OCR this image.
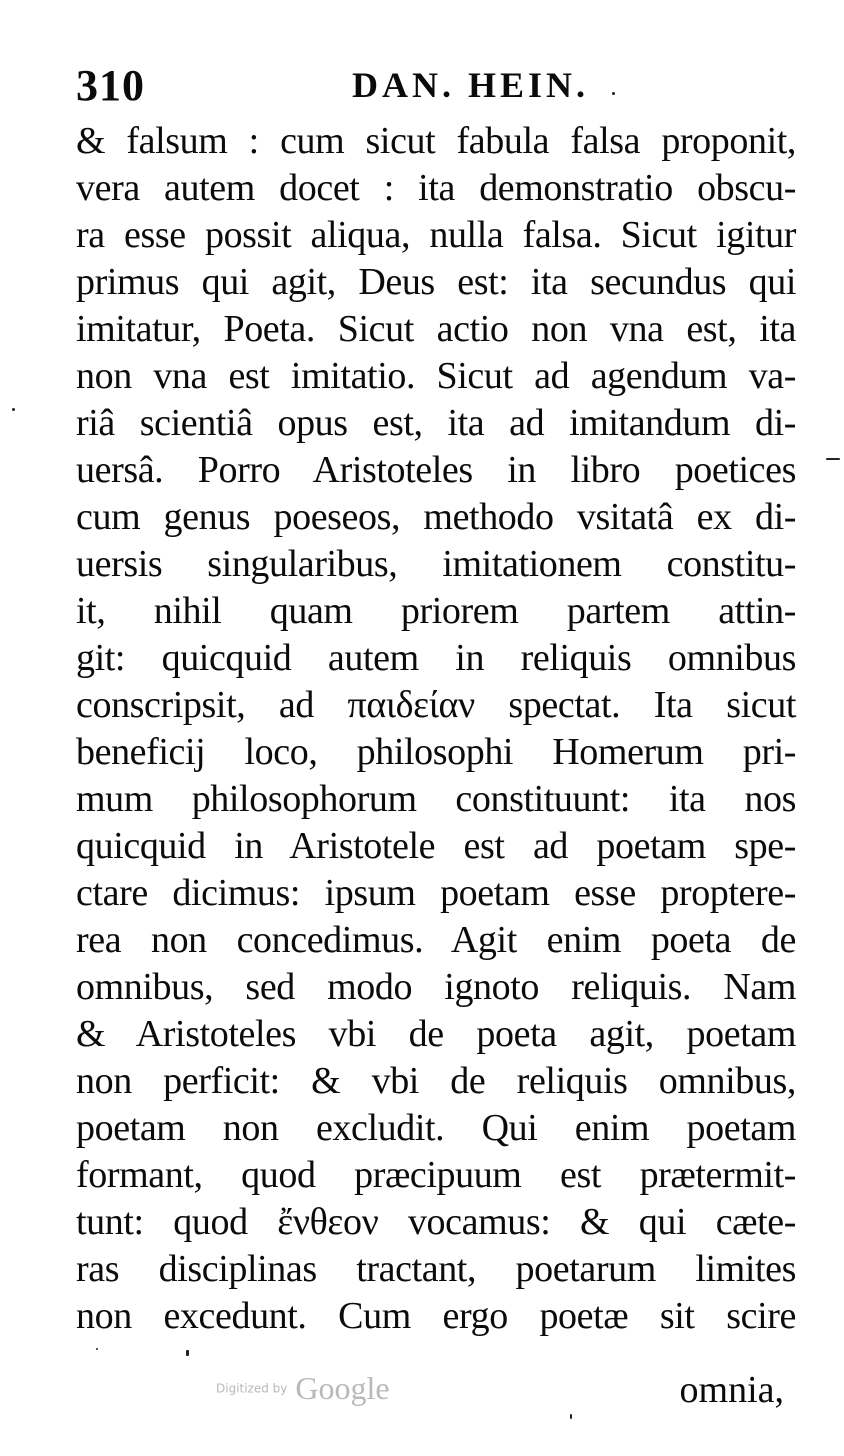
310	DAN. HEIN.
& falsum : cum sicut fabula falsa proponit,
vera autem docet : ita demonstratio obscu-
ra esse possit aliqua, nulla falsa. Sicut igitur
primus qui agit, Deus est: ita secundus qui
imitatur, Poeta. Sicut actio non vna est, ita
non vna est imitatio. Sicut ad agendum va-
riâ scientiâ opus est, ita ad imitandum di-
uersâ. Porro Aristoteles in libro poetices
cum genus poeseos, methodo vsitatâ ex di-
uersis singularibus, imitationem constitu-
it, nihil quam priorem partem attin-
git: quicquid autem in reliquis omnibus
conscripsit, ad παιδείαν spectat. Ita sicut
beneficij loco, philosophi Homerum pri-
mum philosophorum constituunt: ita nos
quicquid in Aristotele est ad poetam spe-
ctare dicimus: ipsum poetam esse proptere-
rea non concedimus. Agit enim poeta de
omnibus, sed modo ignoto reliquis. Nam
& Aristoteles vbi de poeta agit, poetam
non perficit: & vbi de reliquis omnibus,
poetam non excludit. Qui enim poetam
formant, quod præcipuum est prætermit-
tunt: quod ἔνθεον vocamus: & qui cæte-
ras disciplinas tractant, poetarum limites
non excedunt. Cum ergo poetæ sit scire
omnia,
Digitized by Google
